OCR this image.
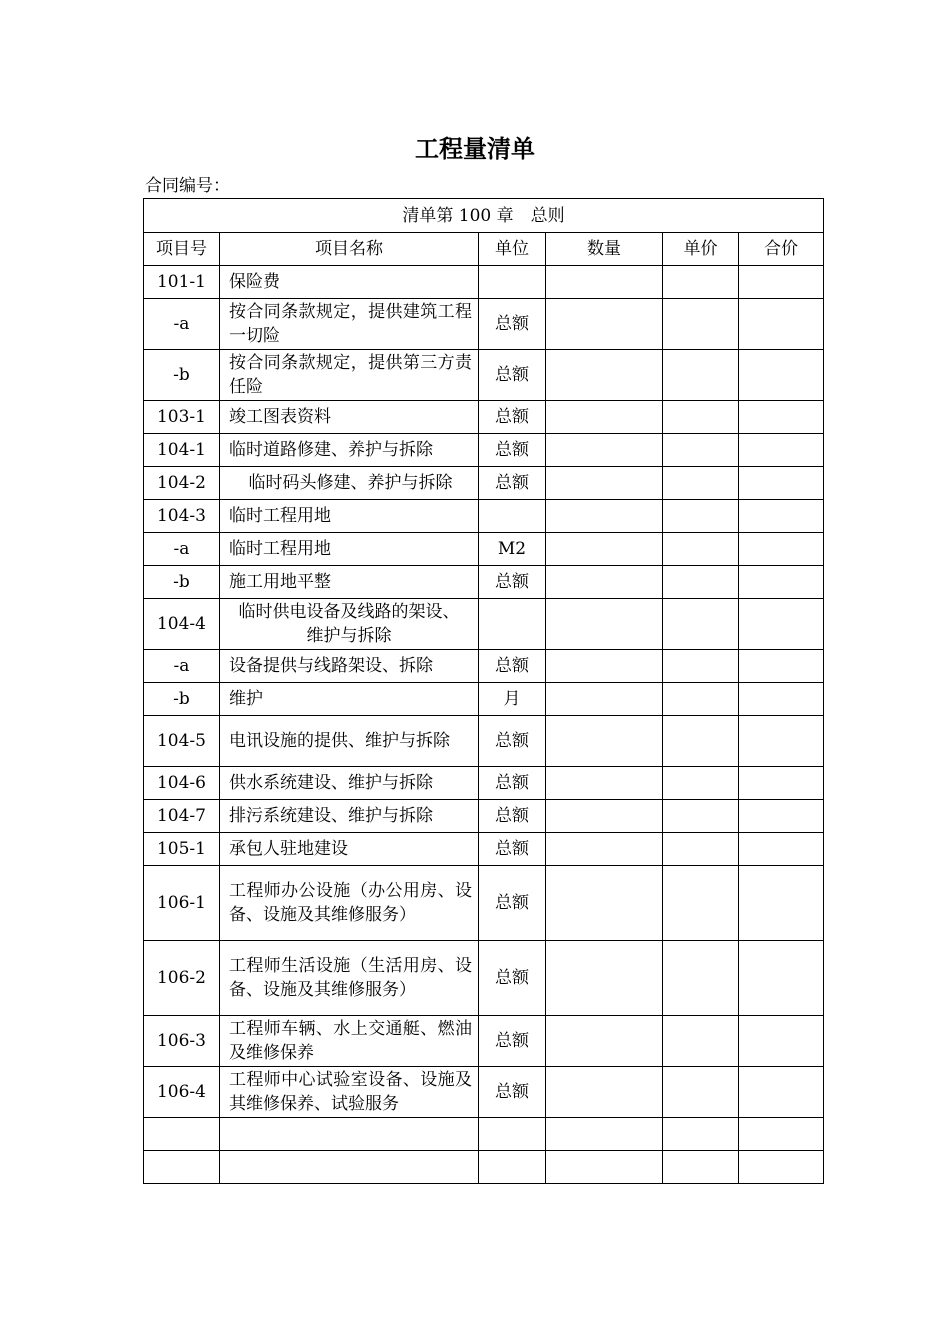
工程量清单
合同编号：
清单第 100 章　总则					
项目号	项目名称	单位	数量	单价	合价
101-1	保险费				
-a	按合同条款规定，提供建筑工程一切险	总额			
-b	按合同条款规定，提供第三方责任险	总额			
103-1	竣工图表资料	总额			
104-1	临时道路修建、养护与拆除	总额			
104-2	临时码头修建、养护与拆除	总额			
104-3	临时工程用地				
-a	临时工程用地	M2			
-b	施工用地平整	总额			
104-4	临时供电设备及线路的架设、维护与拆除				
-a	设备提供与线路架设、拆除	总额			
-b	维护	月			
104-5	电讯设施的提供、维护与拆除	总额			
104-6	供水系统建设、维护与拆除	总额			
104-7	排污系统建设、维护与拆除	总额			
105-1	承包人驻地建设	总额			
106-1	工程师办公设施（办公用房、设备、设施及其维修服务）	总额			
106-2	工程师生活设施（生活用房、设备、设施及其维修服务）	总额			
106-3	工程师车辆、水上交通艇、燃油及维修保养	总额			
106-4	工程师中心试验室设备、设施及其维修保养、试验服务	总额			
